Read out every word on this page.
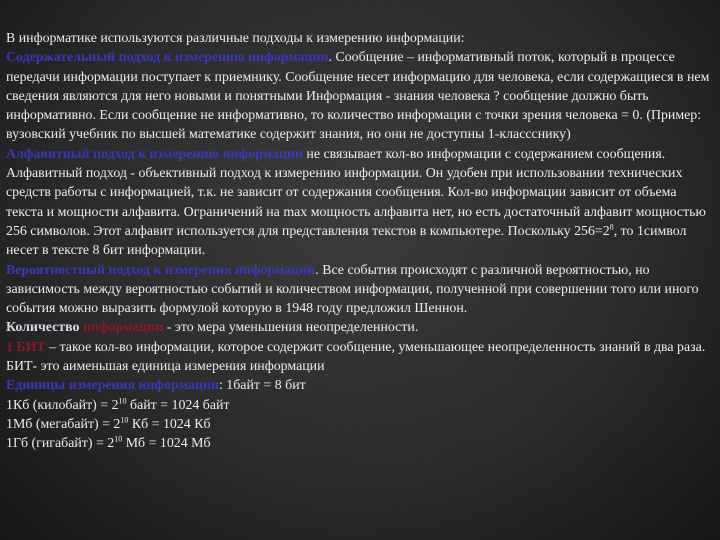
В информатике используются различные подходы к измерению информации:

Содержательный подход к измерению информации. Сообщение – информативный поток, который в процессе передачи информации поступает к приемнику. Сообщение несет информацию для человека, если содержащиеся в нем сведения являются для него новыми и понятными Информация - знания человека ? сообщение должно быть информативно. Если сообщение не информативно, то количество информации с точки зрения человека = 0. (Пример: вузовский учебник по высшей математике содержит знания, но они не доступны 1-классснику)

Алфавитный подход к измерению информации не связывает кол-во информации с содержанием сообщения. Алфавитный подход - объективный подход к измерению информации. Он удобен при использовании технических средств работы с информацией, т.к. не зависит от содержания сообщения. Кол-во информации зависит от объема текста и мощности алфавита. Ограничений на max мощность алфавита нет, но есть достаточный алфавит мощностью 256 символов. Этот алфавит используется для представления текстов в компьютере. Поскольку $256=2^8$, то 1символ несет в тексте 8 бит информации.

Вероятностный подход к измерения информации. Все события происходят с различной вероятностью, но зависимость между вероятностью событий и количеством информации, полученной при совершении того или иного события можно выразить формулой которую в 1948 году предложил Шеннон.

Количество информации - это мера уменьшения неопределенности.

1 БИТ – такое кол-во информации, которое содержит сообщение, уменьшающее неопределенность знаний в два раза. БИТ- это аименьшая единица измерения информации

Единицы измерения информации: 1байт = 8 бит

1Кб (килобайт) = $2^{10}$ байт = 1024 байт

1Мб (мегабайт) = $2^{10}$ Кб = 1024 Кб

1Гб (гигабайт) = $2^{10}$ Мб = 1024 Мб
